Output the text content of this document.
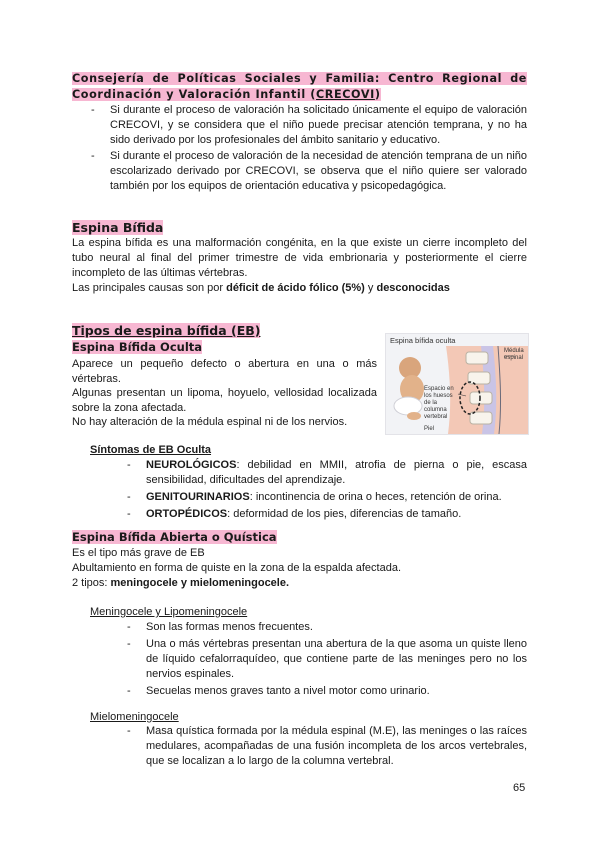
Consejería de Políticas Sociales y Familia: Centro Regional de Coordinación y Valoración Infantil (CRECOVI)
- Si durante el proceso de valoración ha solicitado únicamente el equipo de valoración CRECOVI, y se considera que el niño puede precisar atención temprana, y no ha sido derivado por los profesionales del ámbito sanitario y educativo.
- Si durante el proceso de valoración de la necesidad de atención temprana de un niño escolarizado derivado por CRECOVI, se observa que el niño quiere ser valorado también por los equipos de orientación educativa y psicopedagógica.
Espina Bífida
La espina bífida es una malformación congénita, en la que existe un cierre incompleto del tubo neural al final del primer trimestre de vida embrionaria y posteriormente el cierre incompleto de las últimas vértebras.
Las principales causas son por déficit de ácido fólico (5%) y desconocidas
Tipos de espina bífida (EB)
Espina Bífida Oculta
Aparece un pequeño defecto o abertura en una o más vértebras.
Algunas presentan un lipoma, hoyuelo, vellosidad localizada sobre la zona afectada.
No hay alteración de la médula espinal ni de los nervios.
Espina bífida oculta
Espacio en los huesos de la columna vertebral
Piel
Médula espinal
Síntomas de EB Oculta
- NEUROLÓGICOS: debilidad en MMII, atrofia de pierna o pie, escasa sensibilidad, dificultades del aprendizaje.
- GENITOURINARIOS: incontinencia de orina o heces, retención de orina.
- ORTOPÉDICOS: deformidad de los pies, diferencias de tamaño.
Espina Bífida Abierta o Quística
Es el tipo más grave de EB
Abultamiento en forma de quiste en la zona de la espalda afectada.
2 tipos: meningocele y mielomeningocele.
Meningocele y Lipomeningocele
- Son las formas menos frecuentes.
- Una o más vértebras presentan una abertura de la que asoma un quiste lleno de líquido cefalorraquídeo, que contiene parte de las meninges pero no los nervios espinales.
- Secuelas menos graves tanto a nivel motor como urinario.
Mielomeningocele
- Masa quística formada por la médula espinal (M.E), las meninges o las raíces medulares, acompañadas de una fusión incompleta de los arcos vertebrales, que se localizan a lo largo de la columna vertebral.
65
